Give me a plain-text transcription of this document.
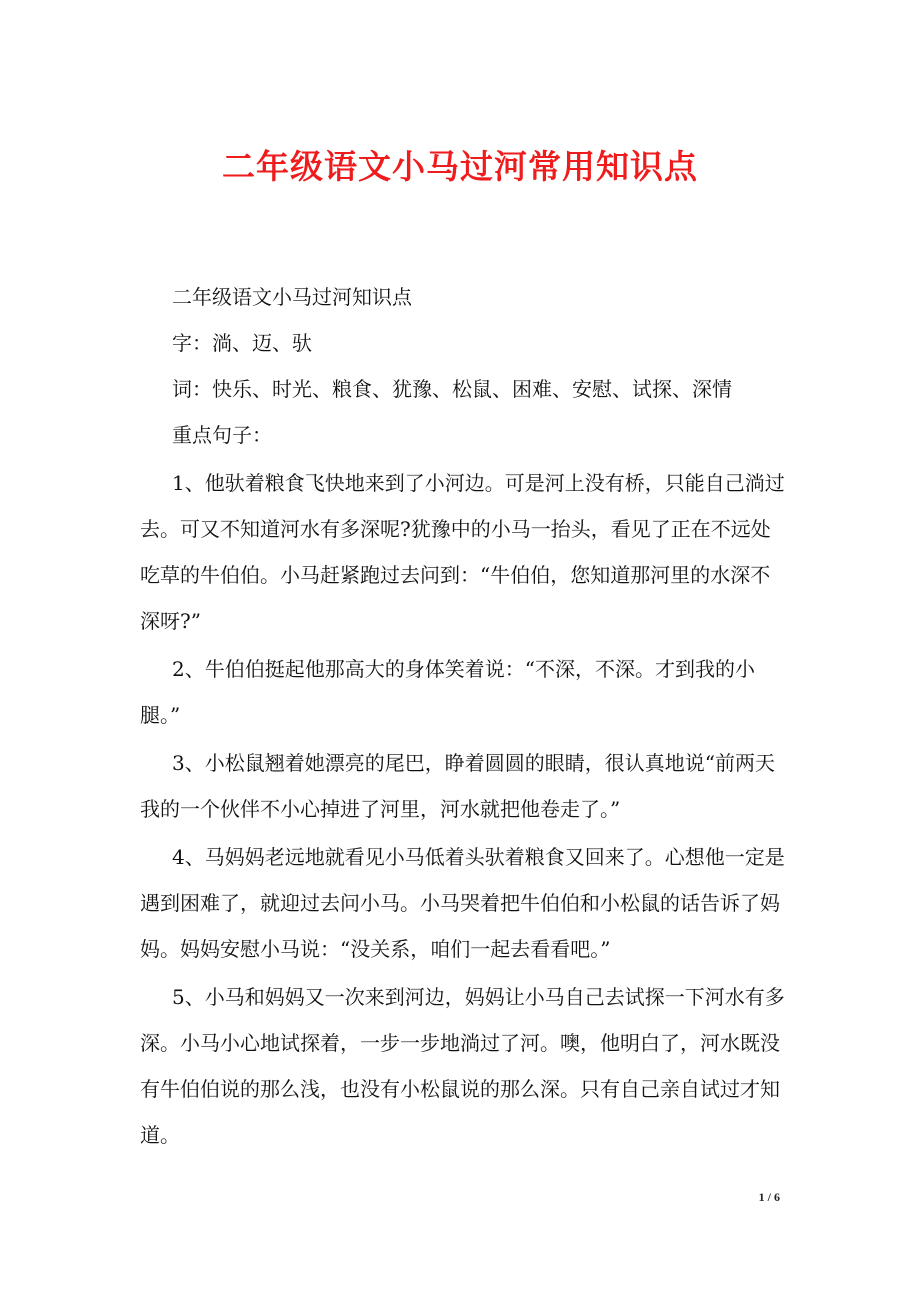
二年级语文小马过河常用知识点

二年级语文小马过河知识点

字：淌、迈、驮

词：快乐、时光、粮食、犹豫、松鼠、困难、安慰、试探、深情

重点句子：

1、他驮着粮食飞快地来到了小河边。可是河上没有桥，只能自己淌过去。可又不知道河水有多深呢?犹豫中的小马一抬头，看见了正在不远处吃草的牛伯伯。小马赶紧跑过去问到：“牛伯伯，您知道那河里的水深不深呀?”

2、牛伯伯挺起他那高大的身体笑着说：“不深，不深。才到我的小腿。”

3、小松鼠翘着她漂亮的尾巴，睁着圆圆的眼睛，很认真地说“前两天我的一个伙伴不小心掉进了河里，河水就把他卷走了。”

4、马妈妈老远地就看见小马低着头驮着粮食又回来了。心想他一定是遇到困难了，就迎过去问小马。小马哭着把牛伯伯和小松鼠的话告诉了妈妈。妈妈安慰小马说：“没关系，咱们一起去看看吧。”

5、小马和妈妈又一次来到河边，妈妈让小马自己去试探一下河水有多深。小马小心地试探着，一步一步地淌过了河。噢，他明白了，河水既没有牛伯伯说的那么浅，也没有小松鼠说的那么深。只有自己亲自试过才知道。

1 / 6
